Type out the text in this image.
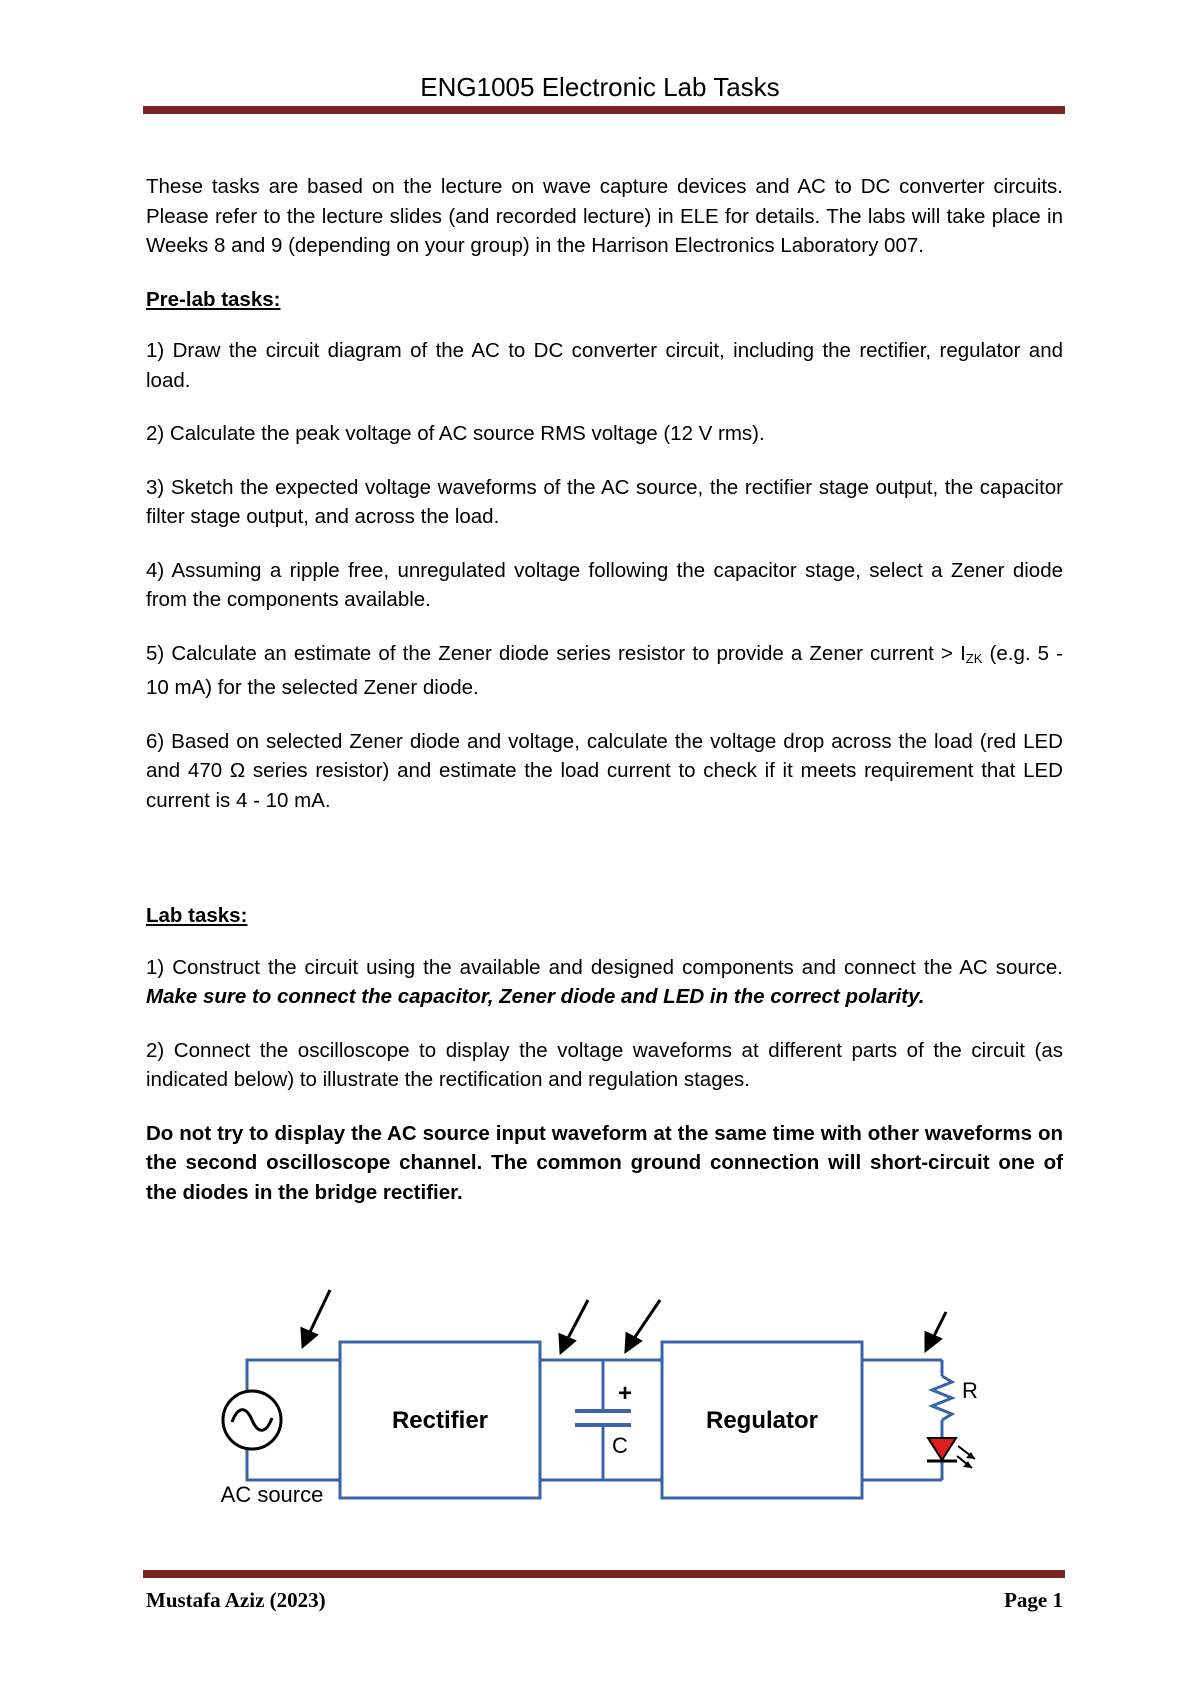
ENG1005 Electronic Lab Tasks

These tasks are based on the lecture on wave capture devices and AC to DC converter circuits. Please refer to the lecture slides (and recorded lecture) in ELE for details. The labs will take place in Weeks 8 and 9 (depending on your group) in the Harrison Electronics Laboratory 007.

Pre-lab tasks:

1) Draw the circuit diagram of the AC to DC converter circuit, including the rectifier, regulator and load.

2) Calculate the peak voltage of AC source RMS voltage (12 V rms).

3) Sketch the expected voltage waveforms of the AC source, the rectifier stage output, the capacitor filter stage output, and across the load.

4) Assuming a ripple free, unregulated voltage following the capacitor stage, select a Zener diode from the components available.

5) Calculate an estimate of the Zener diode series resistor to provide a Zener current > $I_{ZK}$ (e.g. 5 - 10 mA) for the selected Zener diode.

6) Based on selected Zener diode and voltage, calculate the voltage drop across the load (red LED and 470 Ω series resistor) and estimate the load current to check if it meets requirement that LED current is 4 - 10 mA.

Lab tasks:

1) Construct the circuit using the available and designed components and connect the AC source. Make sure to connect the capacitor, Zener diode and LED in the correct polarity.

2) Connect the oscilloscope to display the voltage waveforms at different parts of the circuit (as indicated below) to illustrate the rectification and regulation stages.

Do not try to display the AC source input waveform at the same time with other waveforms on the second oscilloscope channel. The common ground connection will short-circuit one of the diodes in the bridge rectifier.

Rectifier	Regulator
AC source
+
C
R
Mustafa Aziz (2023)	Page 1
